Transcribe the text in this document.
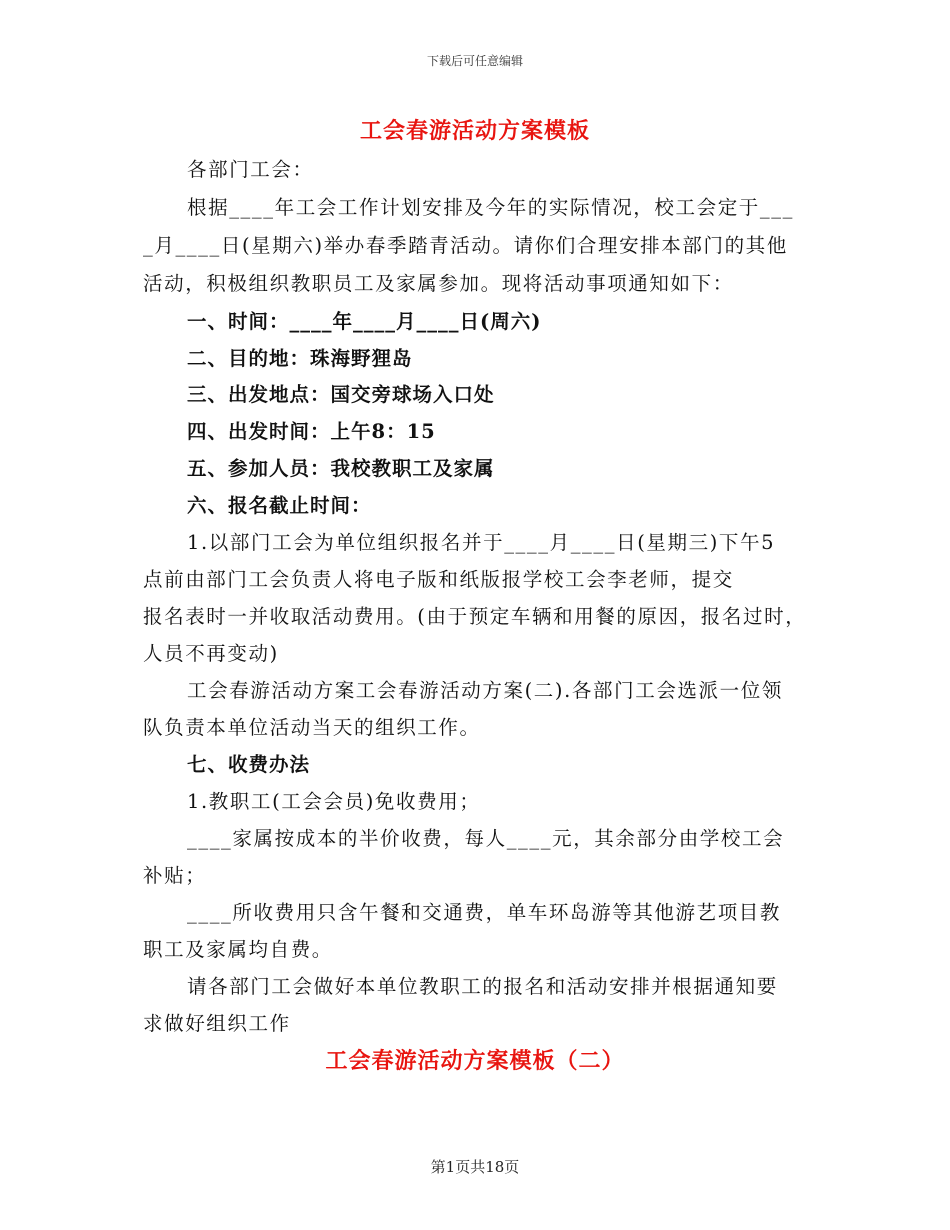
下载后可任意编辑
工会春游活动方案模板
各部门工会：
根据____年工会工作计划安排及今年的实际情况，校工会定于___
_月____日(星期六)举办春季踏青活动。请你们合理安排本部门的其他
活动，积极组织教职员工及家属参加。现将活动事项通知如下：
一、时间：____年____月____日(周六)
二、目的地：珠海野狸岛
三、出发地点：国交旁球场入口处
四、出发时间：上午8：15
五、参加人员：我校教职工及家属
六、报名截止时间：
1.以部门工会为单位组织报名并于____月____日(星期三)下午5
点前由部门工会负责人将电子版和纸版报学校工会李老师，提交
报名表时一并收取活动费用。(由于预定车辆和用餐的原因，报名过时，
人员不再变动)
工会春游活动方案工会春游活动方案(二).各部门工会选派一位领
队负责本单位活动当天的组织工作。
七、收费办法
1.教职工(工会会员)免收费用；
____家属按成本的半价收费，每人____元，其余部分由学校工会
补贴；
____所收费用只含午餐和交通费，单车环岛游等其他游艺项目教
职工及家属均自费。
请各部门工会做好本单位教职工的报名和活动安排并根据通知要
求做好组织工作
工会春游活动方案模板（二）
第1页共18页
